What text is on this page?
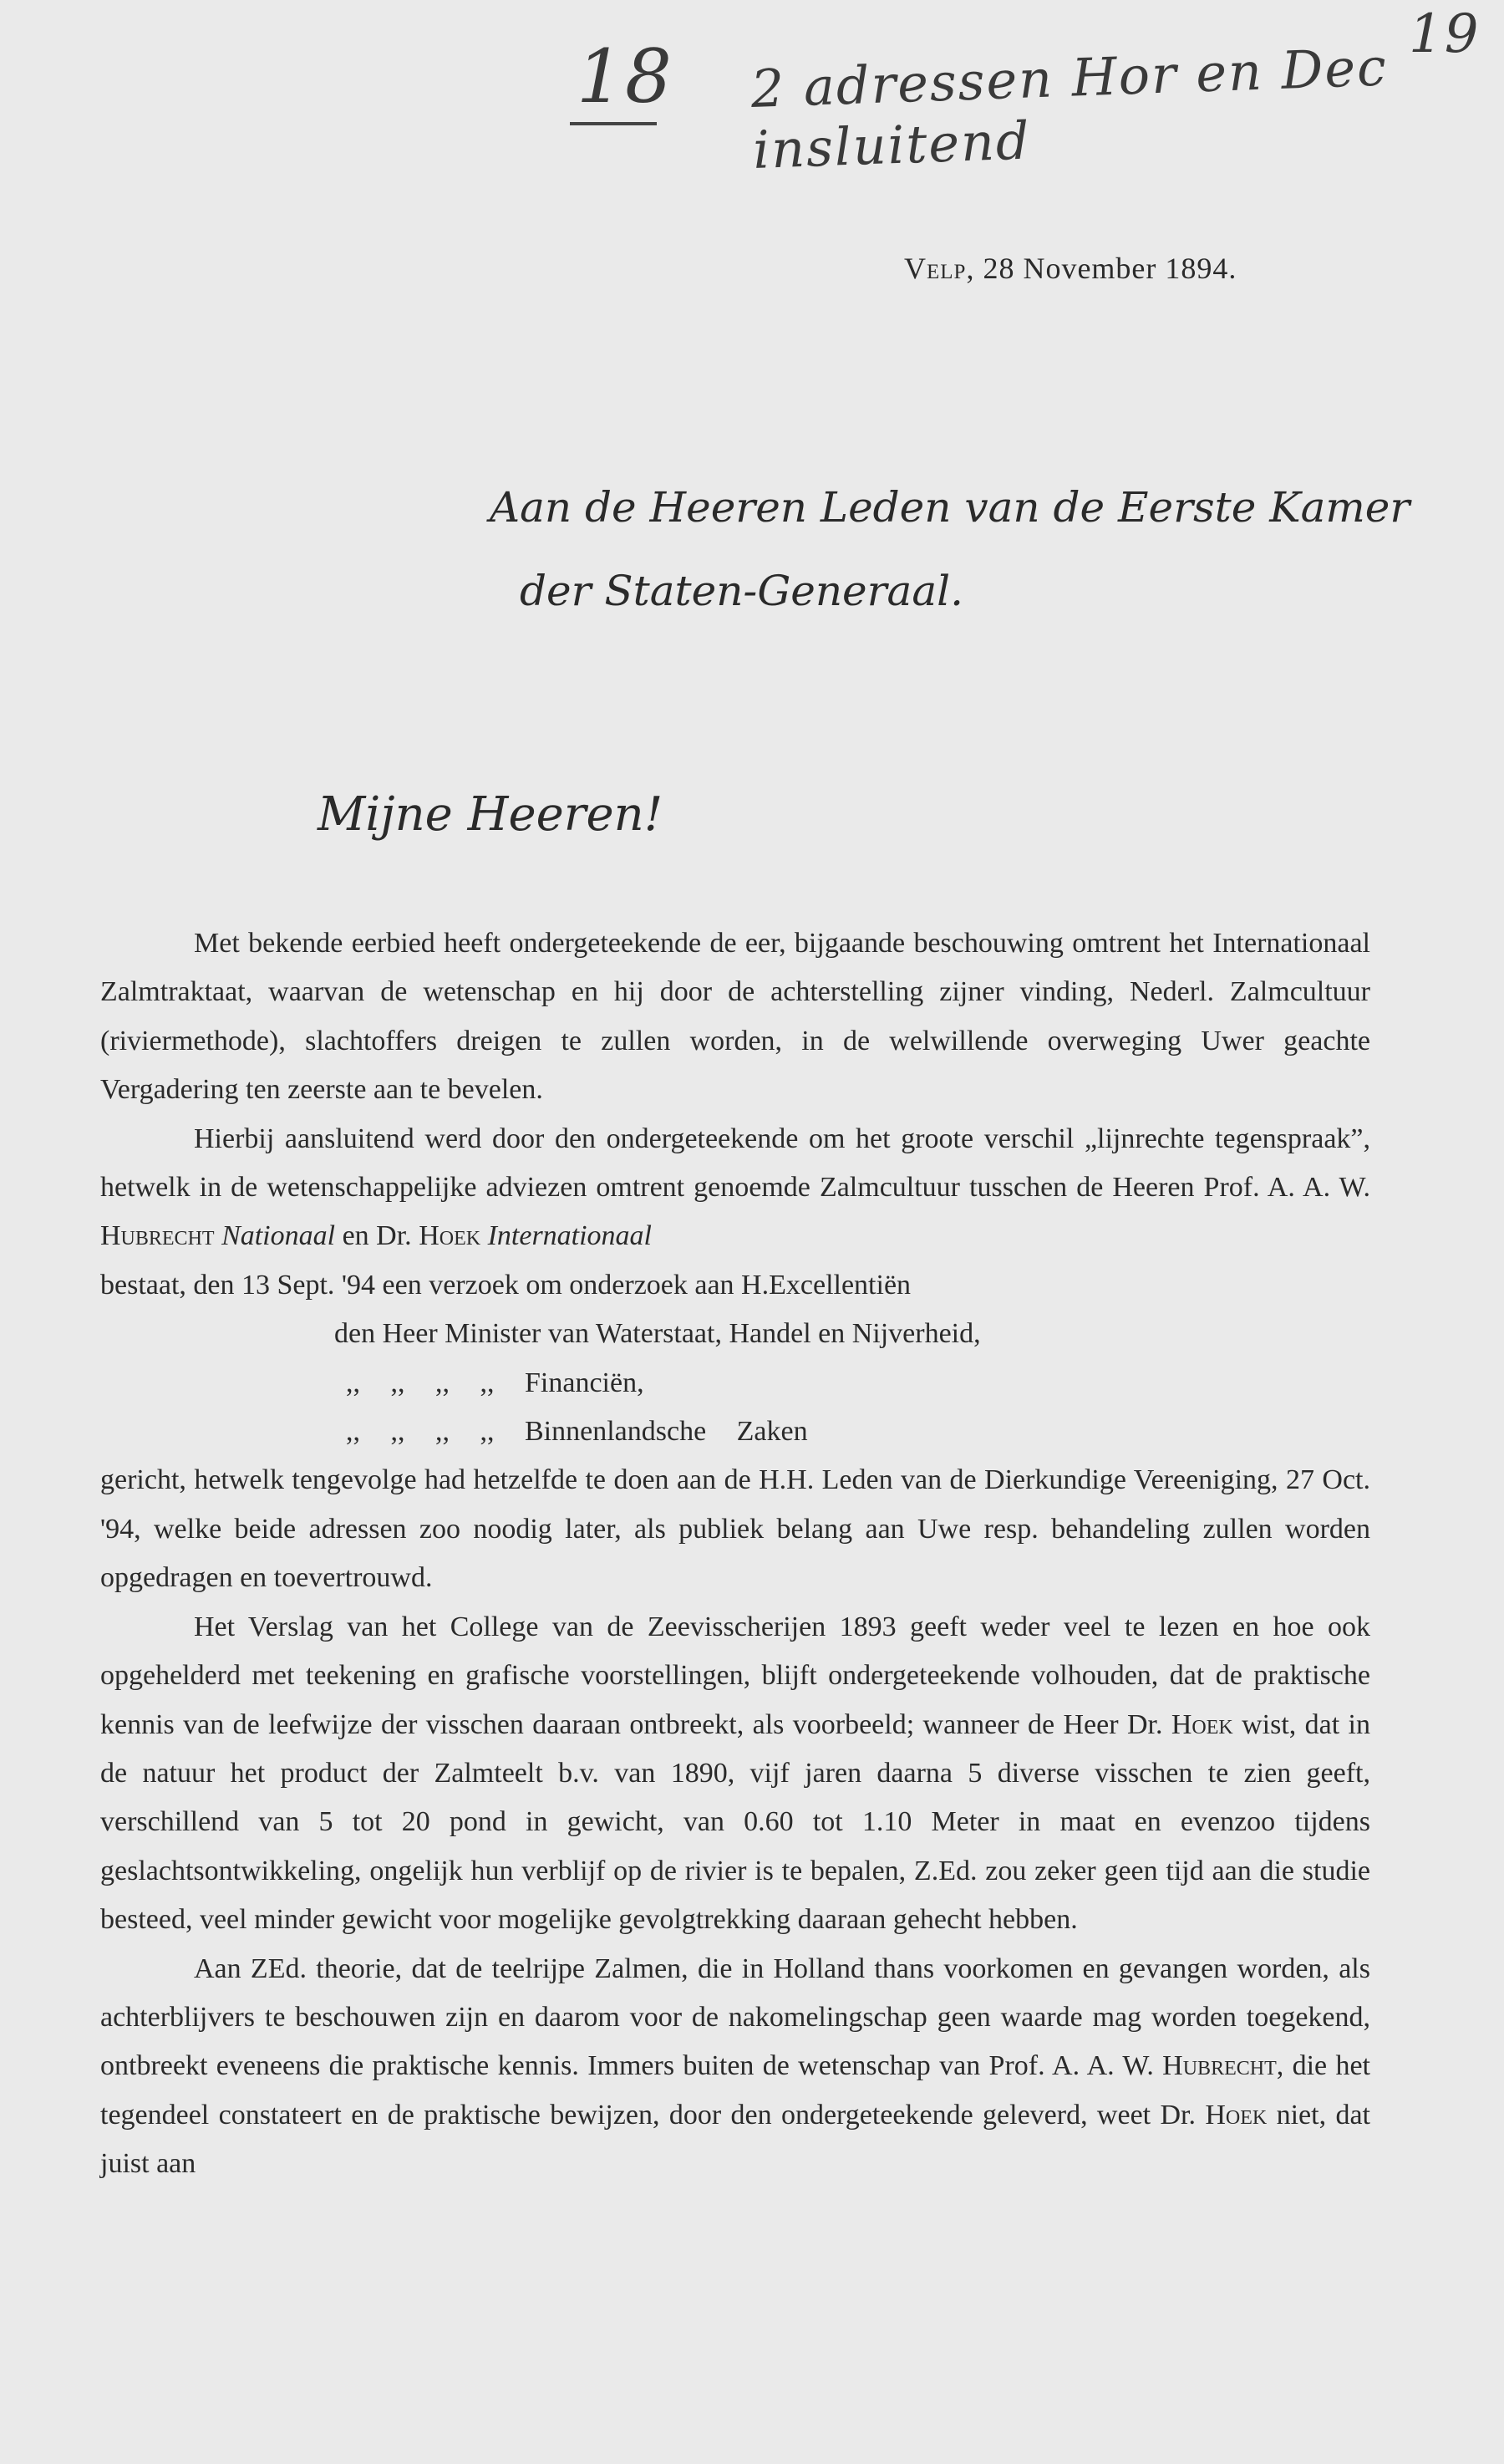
18 2 adressen Hor en Dec insluitend
19
Velp, 28 November 1894.
Aan de Heeren Leden van de Eerste Kamer
der Staten-Generaal.
Mijne Heeren!

Met bekende eerbied heeft ondergeteekende de eer, bijgaande beschouwing omtrent het Internationaal Zalmtraktaat, waarvan de wetenschap en hij door de achterstelling zijner vinding, Nederl. Zalmcultuur (riviermethode), slachtoffers dreigen te zullen worden, in de welwillende overweging Uwer geachte Vergadering ten zeerste aan te bevelen.

Hierbij aansluitend werd door den ondergeteekende om het groote verschil „lijnrechte tegenspraak”, hetwelk in de wetenschappelijke adviezen omtrent genoemde Zalmcultuur tusschen de Heeren Prof. A. A. W. Hubrecht Nationaal en Dr. Hoek Internationaal

bestaat, den 13 Sept. '94 een verzoek om onderzoek aan H.Excellentiën

den Heer Minister van Waterstaat, Handel en Nijverheid,

,, ,, ,, ,, Financiën,

,, ,, ,, ,, Binnenlandsche Zaken

gericht, hetwelk tengevolge had hetzelfde te doen aan de H.H. Leden van de Dierkundige Vereeniging, 27 Oct. '94, welke beide adressen zoo noodig later, als publiek belang aan Uwe resp. behandeling zullen worden opgedragen en toevertrouwd.

Het Verslag van het College van de Zeevisscherijen 1893 geeft weder veel te lezen en hoe ook opgehelderd met teekening en grafische voorstellingen, blijft ondergeteekende volhouden, dat de praktische kennis van de leefwijze der visschen daaraan ontbreekt, als voorbeeld; wanneer de Heer Dr. Hoek wist, dat in de natuur het product der Zalmteelt b.v. van 1890, vijf jaren daarna 5 diverse visschen te zien geeft, verschillend van 5 tot 20 pond in gewicht, van 0.60 tot 1.10 Meter in maat en evenzoo tijdens geslachtsontwikkeling, ongelijk hun verblijf op de rivier is te bepalen, Z.Ed. zou zeker geen tijd aan die studie besteed, veel minder gewicht voor mogelijke gevolgtrekking daaraan gehecht hebben.

Aan ZEd. theorie, dat de teelrijpe Zalmen, die in Holland thans voorkomen en gevangen worden, als achterblijvers te beschouwen zijn en daarom voor de nakomelingschap geen waarde mag worden toegekend, ontbreekt eveneens die praktische kennis. Immers buiten de wetenschap van Prof. A. A. W. Hubrecht, die het tegendeel constateert en de praktische bewijzen, door den ondergeteekende geleverd, weet Dr. Hoek niet, dat juist aan
